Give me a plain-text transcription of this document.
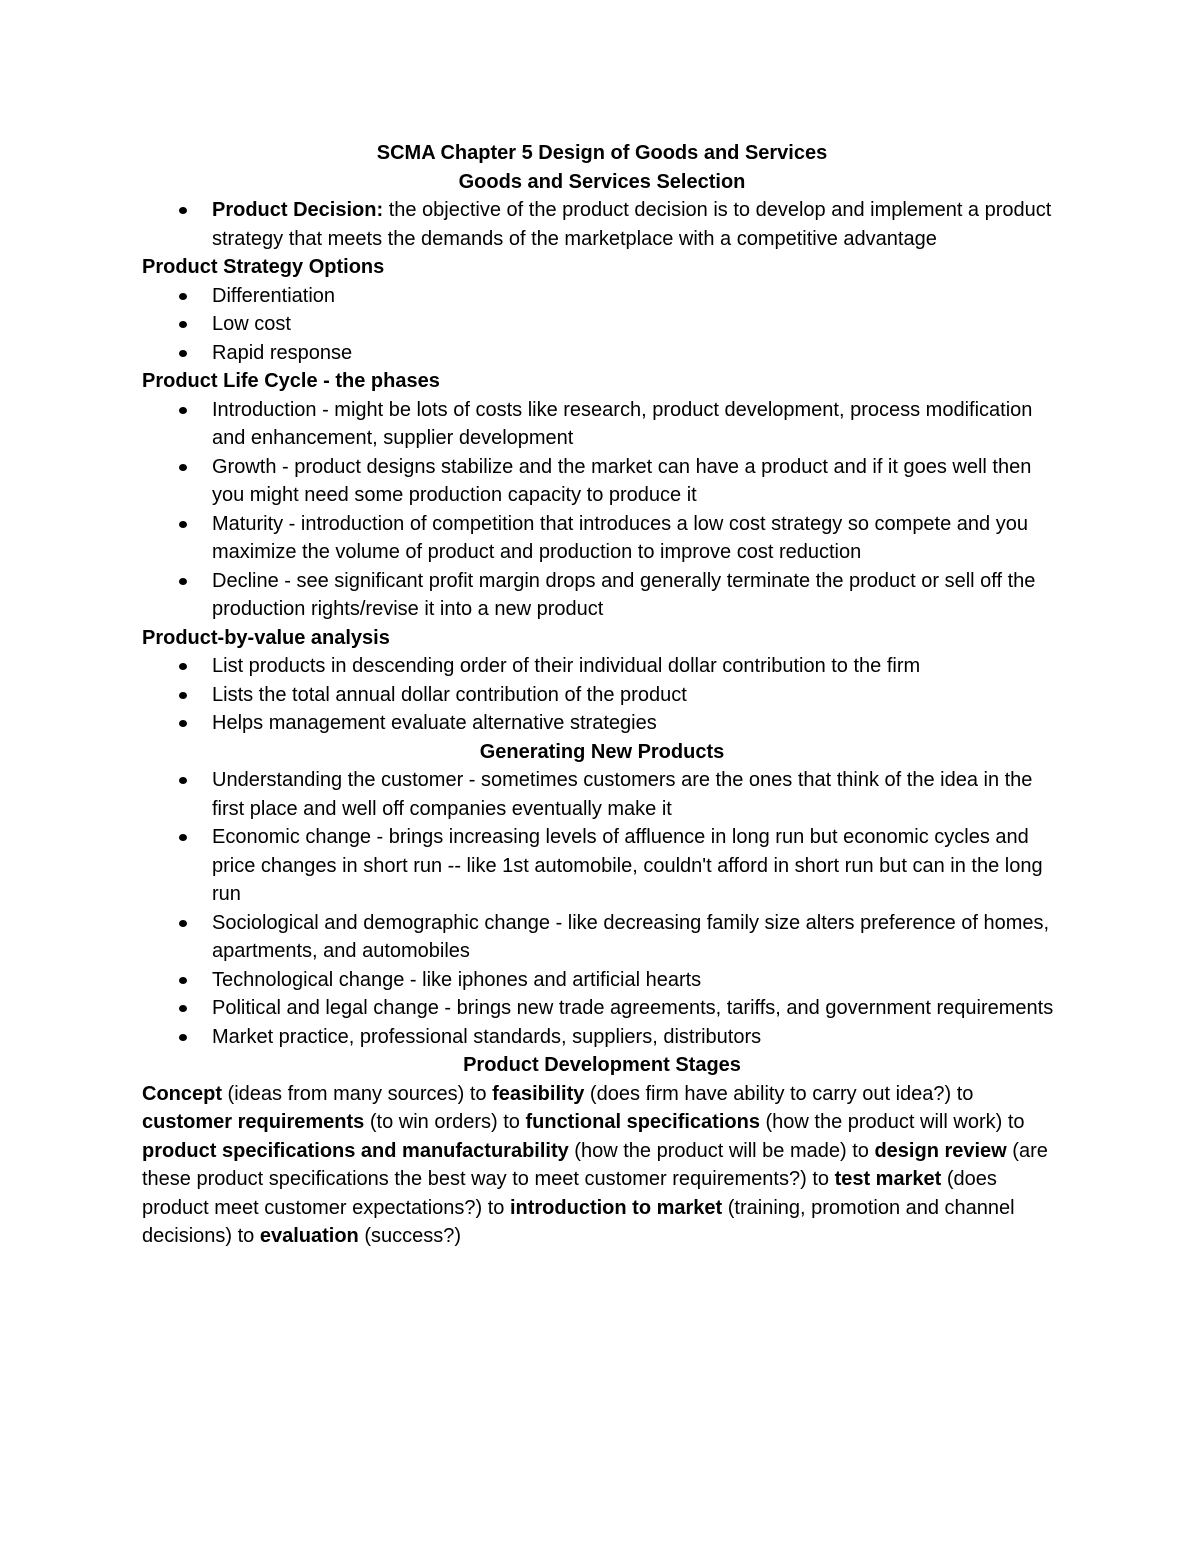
SCMA Chapter 5 Design of Goods and Services
Goods and Services Selection
Product Decision: the objective of the product decision is to develop and implement a product strategy that meets the demands of the marketplace with a competitive advantage
Product Strategy Options
Differentiation
Low cost
Rapid response
Product Life Cycle - the phases
Introduction - might be lots of costs like research, product development, process modification and enhancement, supplier development
Growth - product designs stabilize and the market can have a product and if it goes well then you might need some production capacity to produce it
Maturity - introduction of competition that introduces a low cost strategy so compete and you maximize the volume of product and production to improve cost reduction
Decline - see significant profit margin drops and generally terminate the product or sell off the production rights/revise it into a new product
Product-by-value analysis
List products in descending order of their individual dollar contribution to the firm
Lists the total annual dollar contribution of the product
Helps management evaluate alternative strategies
Generating New Products
Understanding the customer - sometimes customers are the ones that think of the idea in the first place and well off companies eventually make it
Economic change - brings increasing levels of affluence in long run but economic cycles and price changes in short run -- like 1st automobile, couldn't afford in short run but can in the long run
Sociological and demographic change - like decreasing family size alters preference of homes, apartments, and automobiles
Technological change - like iphones and artificial hearts
Political and legal change - brings new trade agreements, tariffs, and government requirements
Market practice, professional standards, suppliers, distributors
Product Development Stages
Concept (ideas from many sources) to feasibility (does firm have ability to carry out idea?) to customer requirements (to win orders) to functional specifications (how the product will work) to product specifications and manufacturability (how the product will be made) to design review (are these product specifications the best way to meet customer requirements?) to test market (does product meet customer expectations?) to introduction to market (training, promotion and channel decisions) to evaluation (success?)
